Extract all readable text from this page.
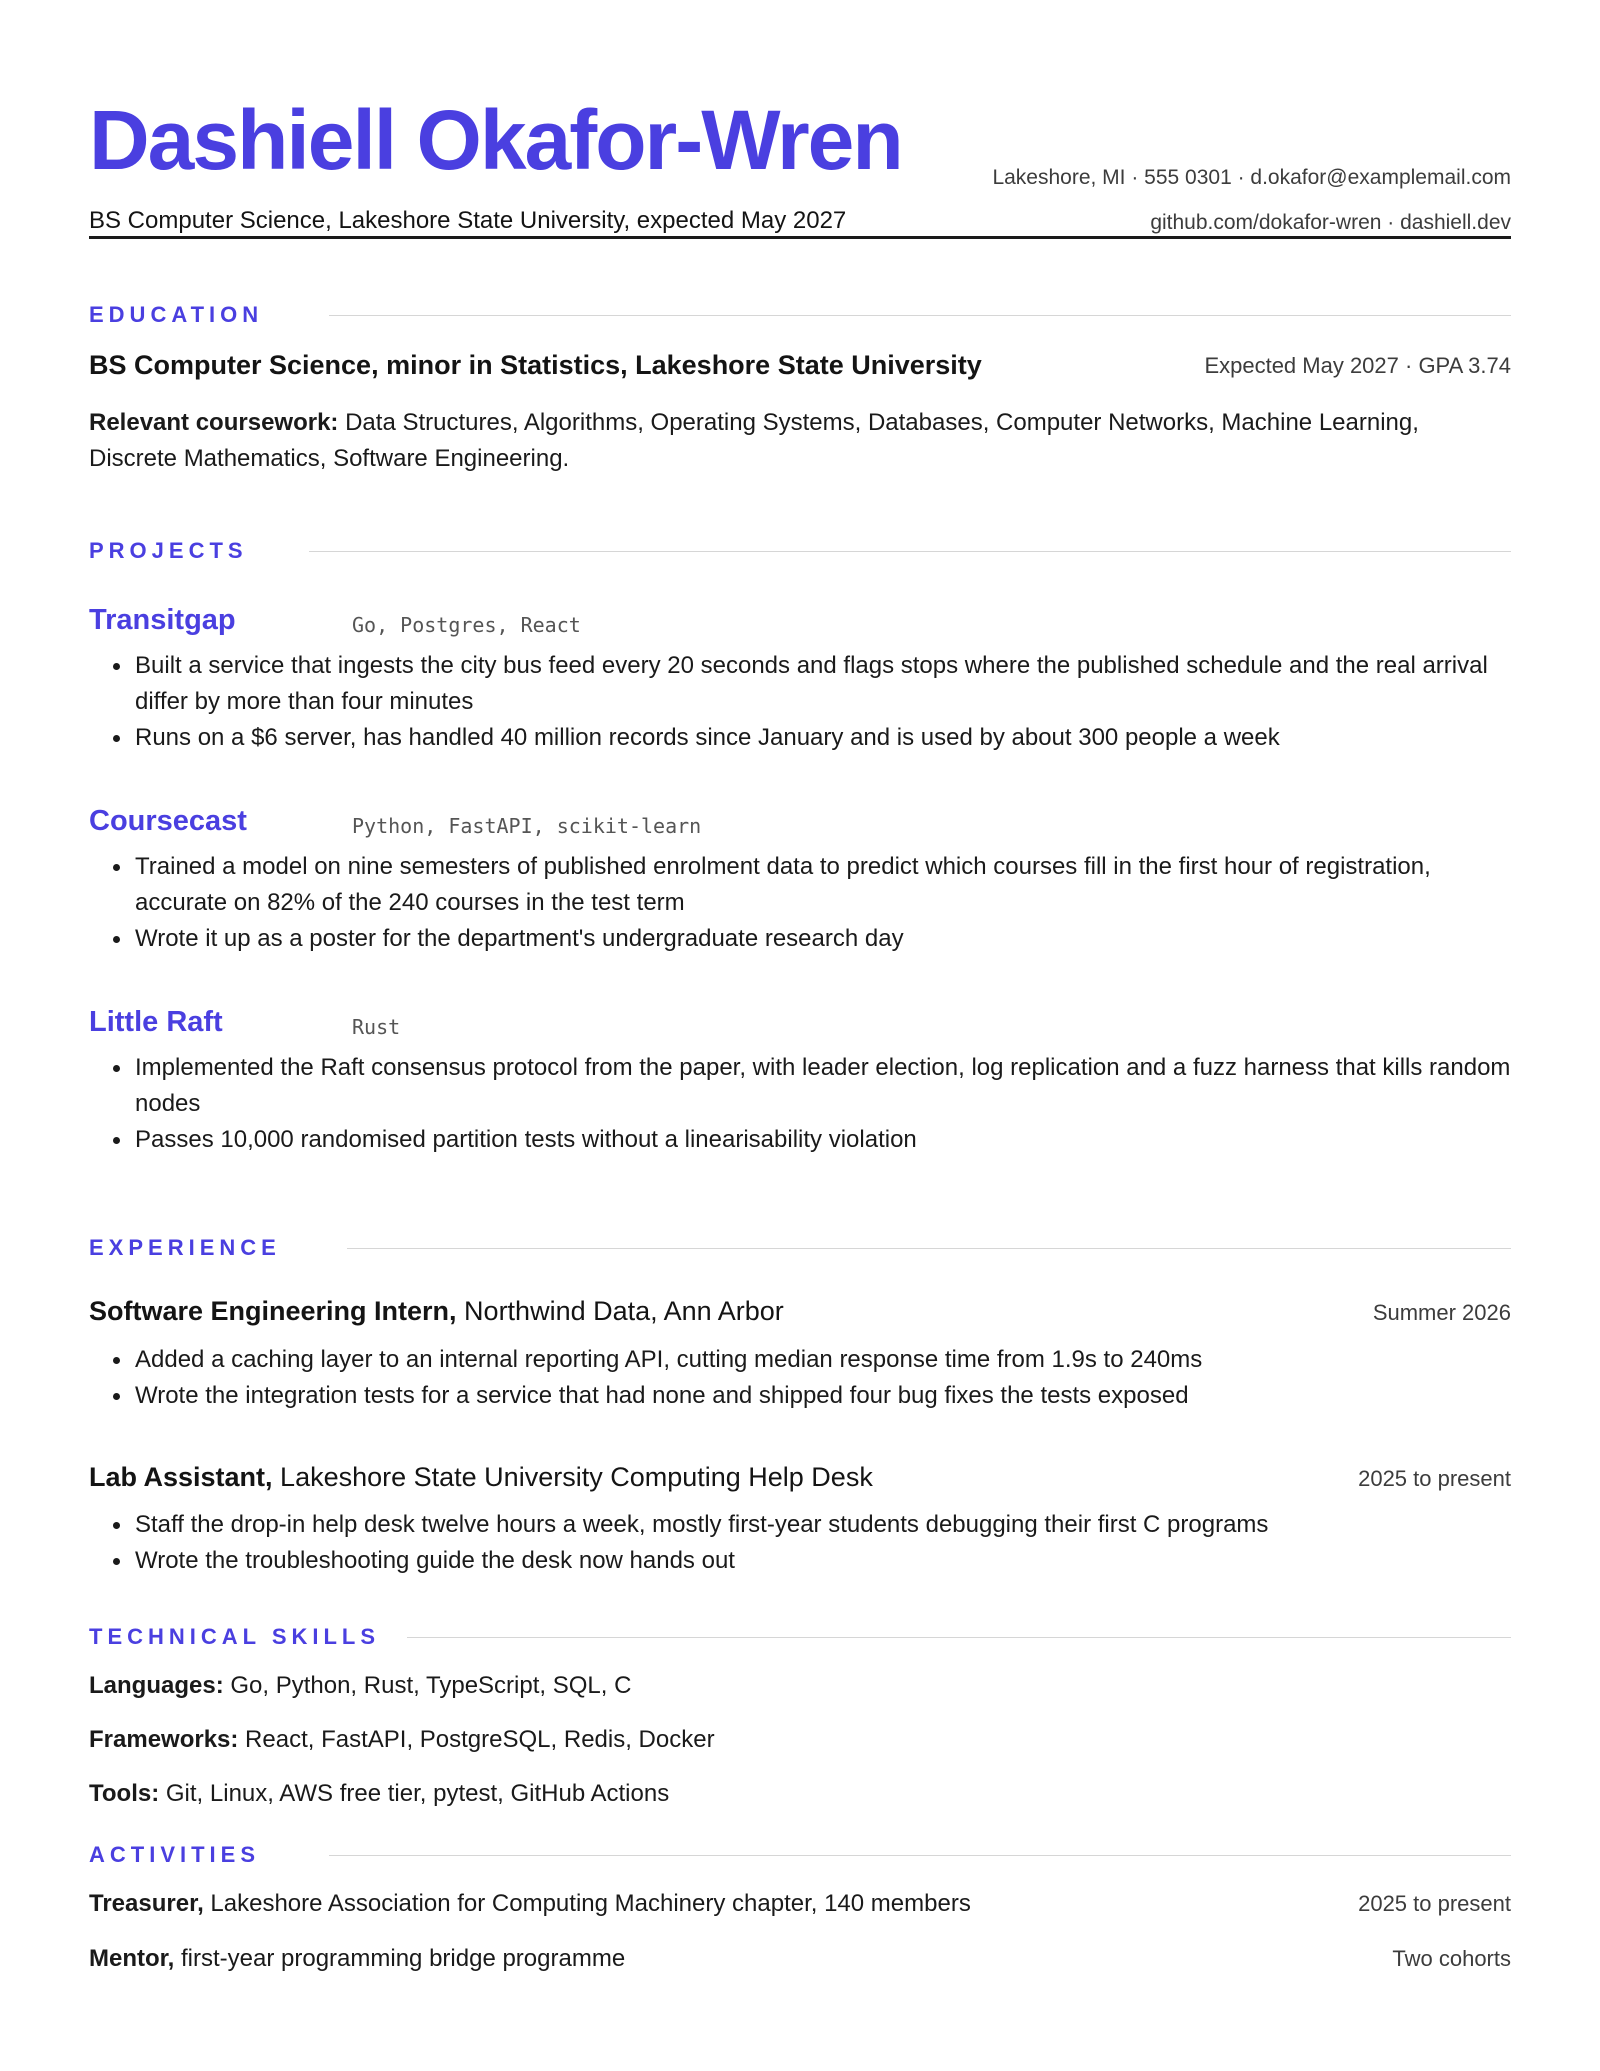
Dashiell Okafor-Wren	Lakeshore, MI · 555 0301 · d.okafor@examplemail.com
BS Computer Science, Lakeshore State University, expected May 2027	github.com/dokafor-wren · dashiell.dev
EDUCATION
BS Computer Science, minor in Statistics, Lakeshore State University	Expected May 2027 · GPA 3.74
Relevant coursework: Data Structures, Algorithms, Operating Systems, Databases, Computer Networks, Machine Learning,
Discrete Mathematics, Software Engineering.
PROJECTS
Transitgap	Go, Postgres, React
Built a service that ingests the city bus feed every 20 seconds and flags stops where the published schedule and the real arrival differ by more than four minutes
Runs on a $6 server, has handled 40 million records since January and is used by about 300 people a week
Coursecast	Python, FastAPI, scikit-learn
Trained a model on nine semesters of published enrolment data to predict which courses fill in the first hour of registration, accurate on 82% of the 240 courses in the test term
Wrote it up as a poster for the department's undergraduate research day
Little Raft	Rust
Implemented the Raft consensus protocol from the paper, with leader election, log replication and a fuzz harness that kills random nodes
Passes 10,000 randomised partition tests without a linearisability violation
EXPERIENCE
Software Engineering Intern, Northwind Data, Ann Arbor	Summer 2026
Added a caching layer to an internal reporting API, cutting median response time from 1.9s to 240ms
Wrote the integration tests for a service that had none and shipped four bug fixes the tests exposed
Lab Assistant, Lakeshore State University Computing Help Desk	2025 to present
Staff the drop-in help desk twelve hours a week, mostly first-year students debugging their first C programs
Wrote the troubleshooting guide the desk now hands out
TECHNICAL SKILLS
Languages: Go, Python, Rust, TypeScript, SQL, C
Frameworks: React, FastAPI, PostgreSQL, Redis, Docker
Tools: Git, Linux, AWS free tier, pytest, GitHub Actions
ACTIVITIES
Treasurer, Lakeshore Association for Computing Machinery chapter, 140 members	2025 to present
Mentor, first-year programming bridge programme	Two cohorts
